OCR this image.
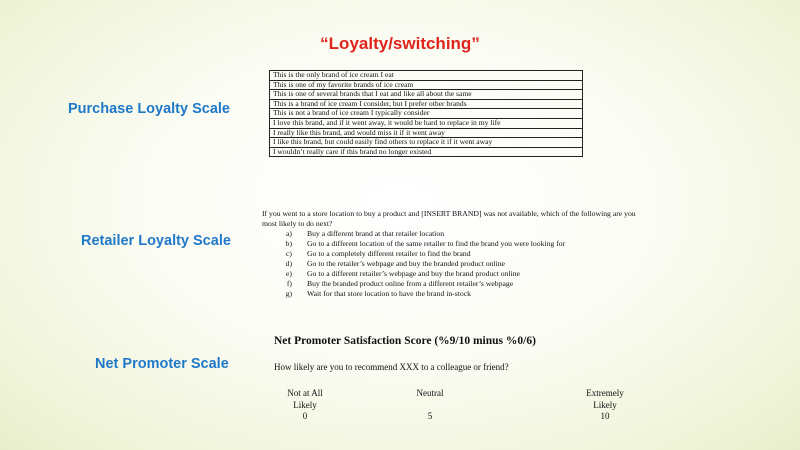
“Loyalty/switching”
Purchase Loyalty Scale
Retailer Loyalty Scale
Net Promoter Scale
This is the only brand of ice cream I eat
This is one of my favorite brands of ice cream
This is one of several brands that I eat and like all about the same
This is a brand of ice cream I consider, but I prefer other brands
This is not a brand of ice cream I typically consider
I love this brand, and if it went away, it would be hard to replace in my life
I really like this brand, and would miss it if it went away
I like this brand, but could easily find others to replace it if it went away
I wouldn’t really care if this brand no longer existed

If you went to a store location to buy a product and [INSERT BRAND] was not available, which of the following are you most likely to do next?

a)	Buy a different brand at that retailer location
b)	Go to a different location of the same retailer to find the brand you were looking for
c)	Go to a completely different retailer to find the brand
d)	Go to the retailer’s webpage and buy the branded product online
e)	Go to a different retailer’s webpage and buy the brand product online
f)	Buy the branded product online from a different retailer’s webpage
g)	Wait for that store location to have the brand in-stock
Net Promoter Satisfaction Score (%9/10 minus %0/6)
How likely are you to recommend XXX to a colleague or friend?
Not at All
Likely
0
Neutral

5
Extremely
Likely
10
